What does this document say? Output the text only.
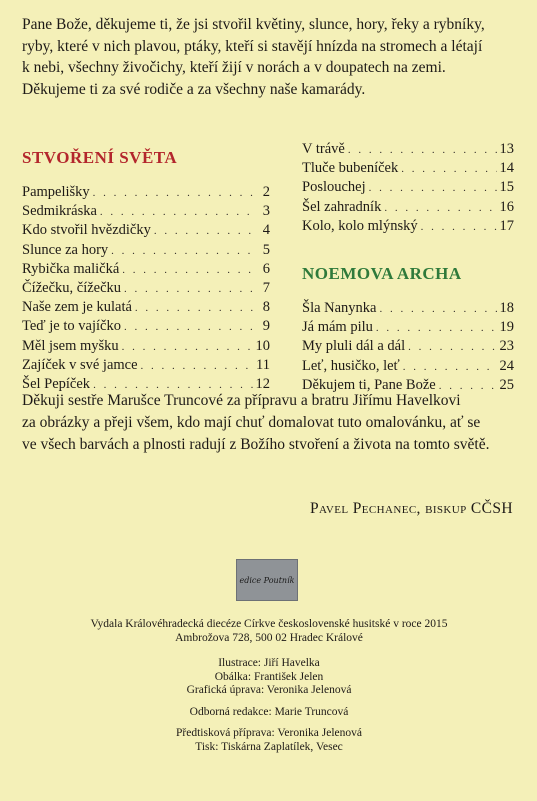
Pane Bože, děkujeme ti, že jsi stvořil květiny, slunce, hory, řeky a rybníky,
ryby, které v nich plavou, ptáky, kteří si stavějí hnízda na stromech a létají
k nebi, všechny živočichy, kteří žijí v norách a v doupatech na zemi.
Děkujeme ti za své rodiče a za všechny naše kamarády.
STVOŘENÍ SVĚTA
Pampelišky . . .	2
Sedmikráska . . .	3
Kdo stvořil hvězdičky . . .	4
Slunce za hory . . .	5
Rybička maličká . . .	6
Čížečku, čížečku . . .	7
Naše zem je kulatá . . .	8
Teď je to vajíčko . . .	9
Měl jsem myšku . . .	10
Zajíček v své jamce . . .	11
Šel Pepíček . . .	12
V trávě . . .	13
Tluče bubeníček . . .	14
Poslouchej . . .	15
Šel zahradník . . .	16
Kolo, kolo mlýnský . . .	17
NOEMOVA ARCHA
Šla Nanynka . . .	18
Já mám pilu . . .	19
My pluli dál a dál . . .	23
Leť, husičko, leť . . .	24
Děkujem ti, Pane Bože . . .	25
Děkuji sestře Marušce Truncové za přípravu a bratru Jiřímu Havelkovi
za obrázky a přeji všem, kdo mají chuť domalovat tuto omalovánku, ať se
ve všech barvách a plnosti radují z Božího stvoření a života na tomto světě.
Pavel Pechanec, biskup CČSH
edice Poutník
Vydala Královéhradecká diecéze Církve československé husitské v roce 2015
Ambrožova 728, 500 02 Hradec Králové
Ilustrace: Jiří Havelka
Obálka: František Jelen
Grafická úprava: Veronika Jelenová
Odborná redakce: Marie Truncová
Předtisková příprava: Veronika Jelenová
Tisk: Tiskárna Zaplatílek, Vesec
